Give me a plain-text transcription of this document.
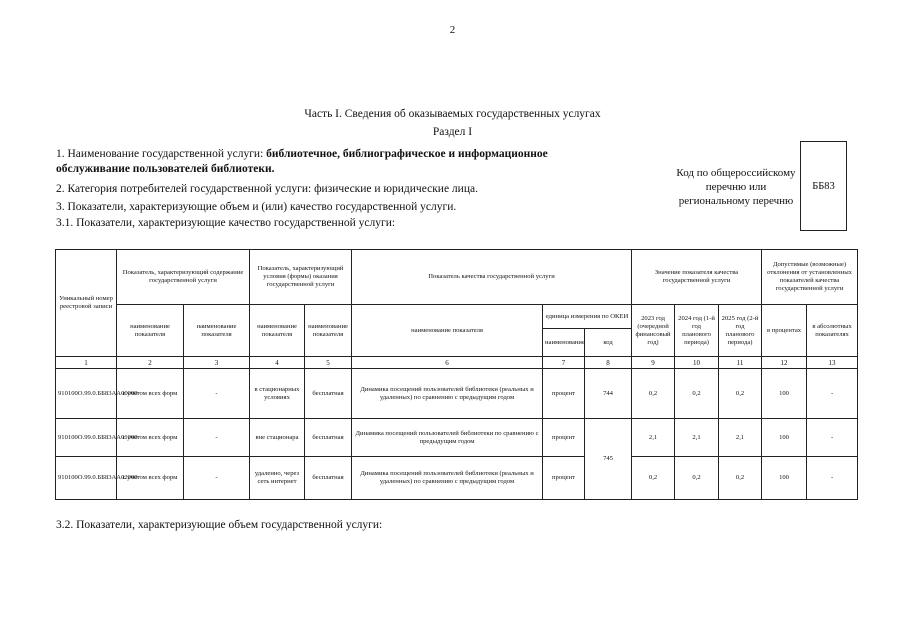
2
Часть I. Сведения об оказываемых государственных услугах
Раздел I
1. Наименование государственной услуги: библиотечное, библиографическое и информационное
обслуживание пользователей библиотеки.
2. Категория потребителей государственной услуги: физические и юридические лица.
3. Показатели, характеризующие объем и (или) качество государственной услуги.
3.1. Показатели, характеризующие качество государственной услуги:
Код по общероссийскому перечню или региональному перечню
ББ83
Уникальный номер реестровой записи	Показатель, характеризующий содержание государственной услуги		Показатель, характеризующий условия (формы) оказания государственной услуги		Показатель качества государственной услуги			Значение показателя качества государственной услуги			Допустимые (возможные) отклонения от установленных показателей качества государственной услуги	
	наименование показателя	наименование показателя	наименование показателя	наименование показателя	наименование показателя	единица измерения по ОКЕИ		2023 год (очередной финансовый год)	2024 год (1-й год планового периода)	2025 год (2-й год планового периода)	в процентах	в абсолютных показателях
						наименование	код					
1	2	3	4	5	6	7	8	9	10	11	12	13
910100О.99.0.ББ83АА00000	с учетом всех форм	-	в стационарных условиях	бесплатная	Динамика посещений пользователей библиотеки (реальных и удаленных) по сравнению с предыдущим годом	процент	744	0,2	0,2	0,2	100	-
910100О.99.0.ББ83АА01000	с учетом всех форм	-	вне стационара	бесплатная	Динамика посещений пользователей библиотеки по сравнению с предыдущим годом	процент	745	2,1	2,1	2,1	100	-
910100О.99.0.ББ83АА02000	с учетом всех форм	-	удаленно, через сеть интернет	бесплатная	Динамика посещений пользователей библиотеки (реальных и удаленных) по сравнению с предыдущим годом	процент		0,2	0,2	0,2	100	-
3.2. Показатели, характеризующие объем государственной услуги:
